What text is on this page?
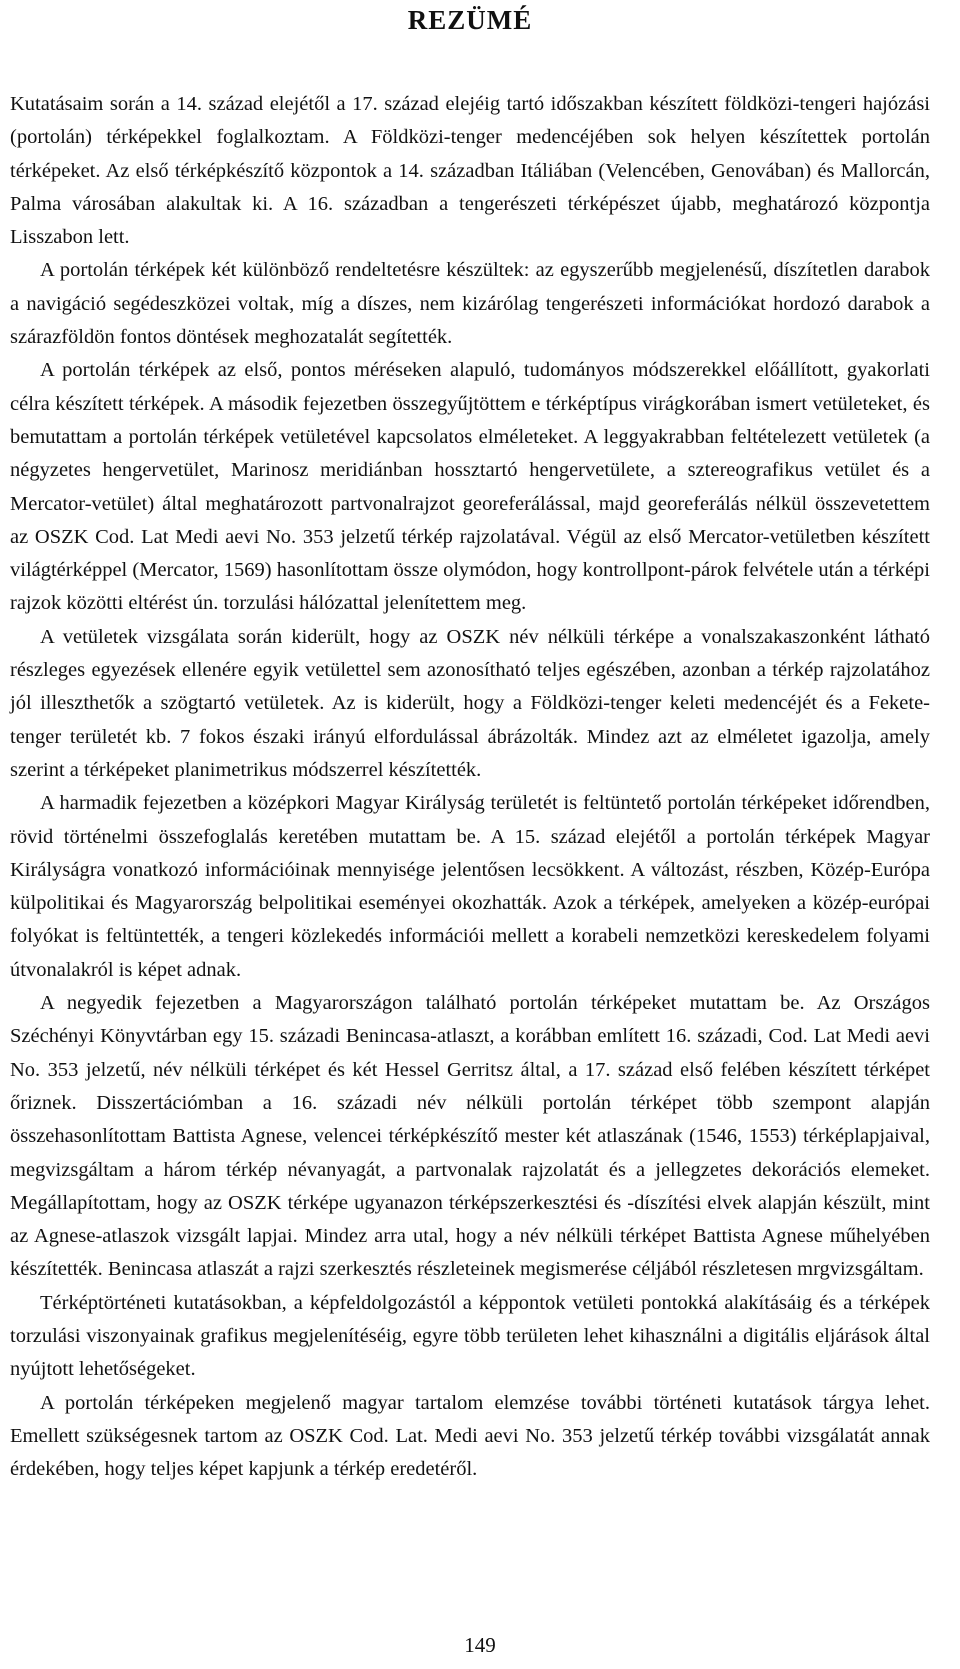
REZÜMÉ

Kutatásaim során a 14. század elejétől a 17. század elejéig tartó időszakban készített földközi-tengeri hajózási (portolán) térképekkel foglalkoztam. A Földközi-tenger medencéjében sok helyen készítettek portolán térképeket. Az első térképkészítő központok a 14. században Itáliában (Velencében, Genovában) és Mallorcán, Palma városában alakultak ki. A 16. században a tengerészeti térképészet újabb, meghatározó központja Lisszabon lett.

A portolán térképek két különböző rendeltetésre készültek: az egyszerűbb megjelenésű, díszítetlen darabok a navigáció segédeszközei voltak, míg a díszes, nem kizárólag tengerészeti információkat hordozó darabok a szárazföldön fontos döntések meghozatalát segítették.

A portolán térképek az első, pontos méréseken alapuló, tudományos módszerekkel előállított, gyakorlati célra készített térképek. A második fejezetben összegyűjtöttem e térképtípus virágkorában ismert vetületeket, és bemutattam a portolán térképek vetületével kapcsolatos elméleteket. A leggyakrabban feltételezett vetületek (a négyzetes hengervetület, Marinosz meridiánban hossztartó hengervetülete, a sztereografikus vetület és a Mercator-vetület) által meghatározott partvonalrajzot georeferálással, majd georeferálás nélkül összevetettem az OSZK Cod. Lat Medi aevi No. 353 jelzetű térkép rajzolatával. Végül az első Mercator-vetületben készített világtérképpel (Mercator, 1569) hasonlítottam össze olymódon, hogy kontrollpont-párok felvétele után a térképi rajzok közötti eltérést ún. torzulási hálózattal jelenítettem meg.

A vetületek vizsgálata során kiderült, hogy az OSZK név nélküli térképe a vonalszakaszonként látható részleges egyezések ellenére egyik vetülettel sem azonosítható teljes egészében, azonban a térkép rajzolatához jól illeszthetők a szögtartó vetületek. Az is kiderült, hogy a Földközi-tenger keleti medencéjét és a Fekete-tenger területét kb. 7 fokos északi irányú elfordulással ábrázolták. Mindez azt az elméletet igazolja, amely szerint a térképeket planimetrikus módszerrel készítették.

A harmadik fejezetben a középkori Magyar Királyság területét is feltüntető portolán térképeket időrendben, rövid történelmi összefoglalás keretében mutattam be. A 15. század elejétől a portolán térképek Magyar Királyságra vonatkozó információinak mennyisége jelentősen lecsökkent. A változást, részben, Közép-Európa külpolitikai és Magyarország belpolitikai eseményei okozhatták. Azok a térképek, amelyeken a közép-európai folyókat is feltüntették, a tengeri közlekedés információi mellett a korabeli nemzetközi kereskedelem folyami útvonalakról is képet adnak.

A negyedik fejezetben a Magyarországon található portolán térképeket mutattam be. Az Országos Széchényi Könyvtárban egy 15. századi Benincasa-atlaszt, a korábban említett 16. századi, Cod. Lat Medi aevi No. 353 jelzetű, név nélküli térképet és két Hessel Gerritsz által, a 17. század első felében készített térképet őriznek. Disszertációmban a 16. századi név nélküli portolán térképet több szempont alapján összehasonlítottam Battista Agnese, velencei térképkészítő mester két atlaszának (1546, 1553) térképlapjaival, megvizsgáltam a három térkép névanyagát, a partvonalak rajzolatát és a jellegzetes dekorációs elemeket. Megállapítottam, hogy az OSZK térképe ugyanazon térképszerkesztési és -díszítési elvek alapján készült, mint az Agnese-atlaszok vizsgált lapjai. Mindez arra utal, hogy a név nélküli térképet Battista Agnese műhelyében készítették. Benincasa atlaszát a rajzi szerkesztés részleteinek megismerése céljából részletesen mrgvizsgáltam.

Térképtörténeti kutatásokban, a képfeldolgozástól a képpontok vetületi pontokká alakításáig és a térképek torzulási viszonyainak grafikus megjelenítéséig, egyre több területen lehet kihasználni a digitális eljárások által nyújtott lehetőségeket.

A portolán térképeken megjelenő magyar tartalom elemzése további történeti kutatások tárgya lehet. Emellett szükségesnek tartom az OSZK Cod. Lat. Medi aevi No. 353 jelzetű térkép további vizsgálatát annak érdekében, hogy teljes képet kapjunk a térkép eredetéről.

149
